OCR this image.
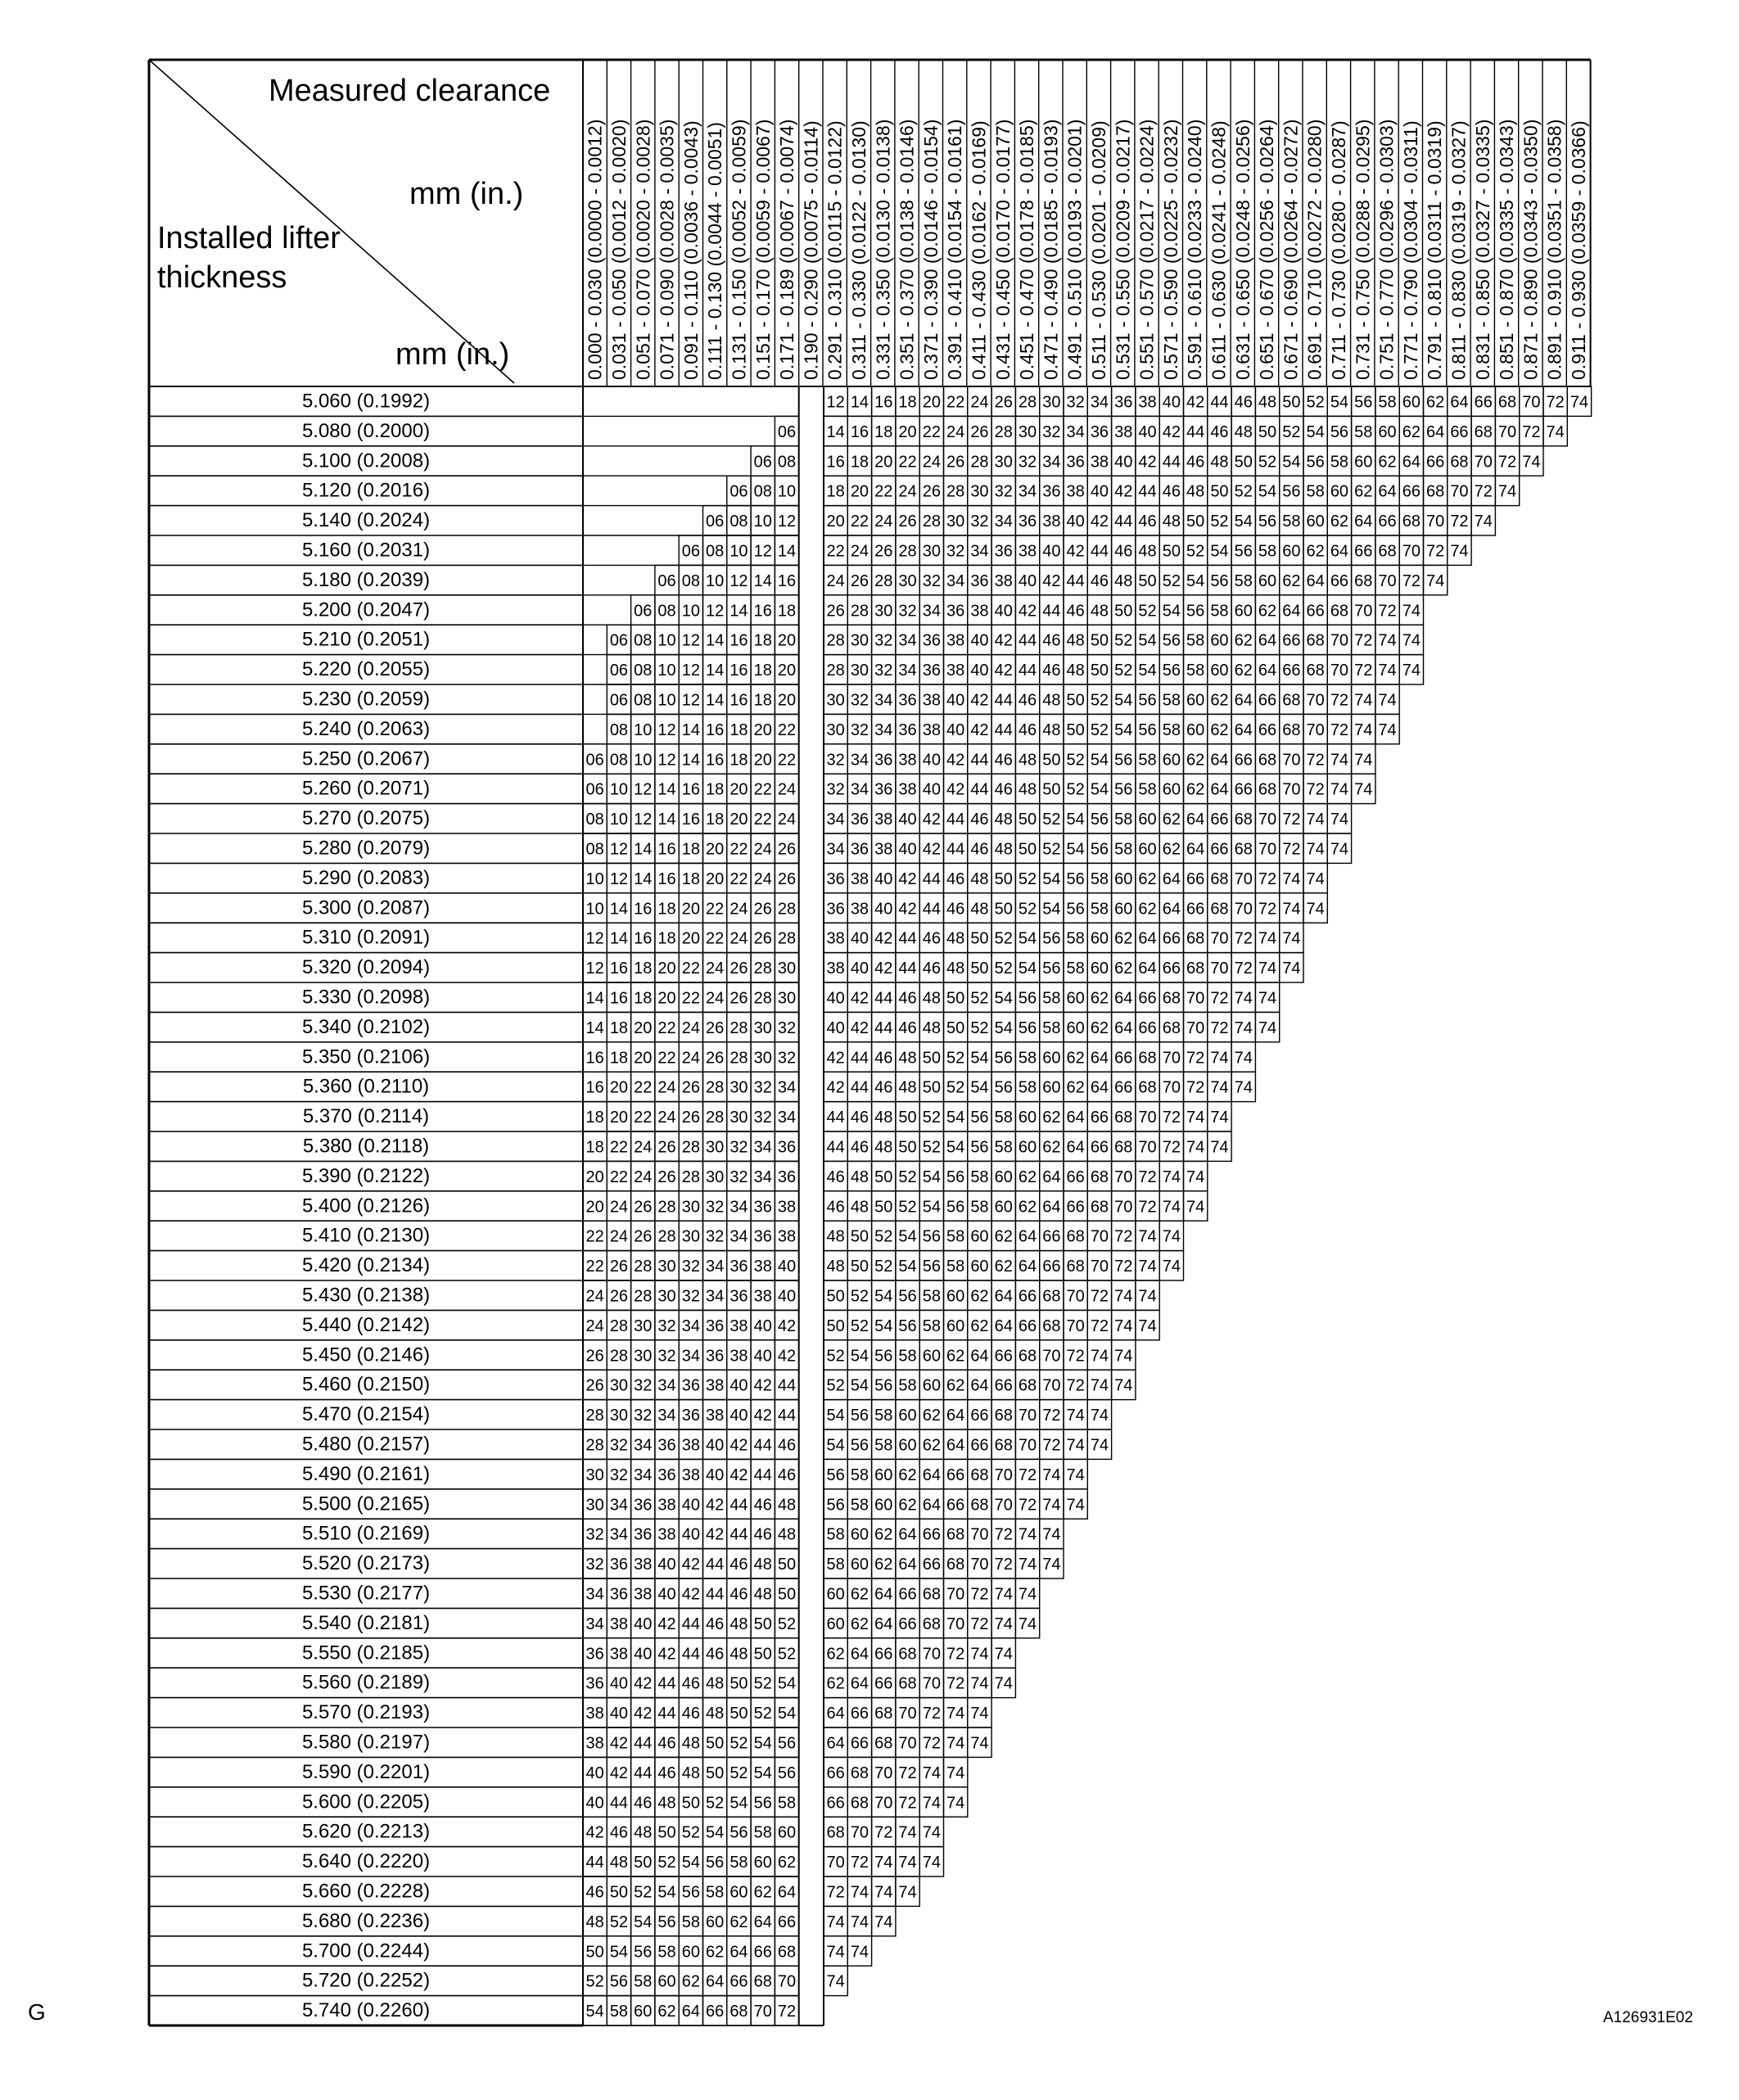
0.000 - 0.030 (0.0000 - 0.0012) 0.031 - 0.050 (0.0012 - 0.0020) 0.051 - 0.070 (0.0020 - 0.0028) 0.071 - 0.090 (0.0028 - 0.0035) 0.091 - 0.110 (0.0036 - 0.0043) 0.111 - 0.130 (0.0044 - 0.0051) 0.131 - 0.150 (0.0052 - 0.0059) 0.151 - 0.170 (0.0059 - 0.0067) 0.171 - 0.189 (0.0067 - 0.0074) 0.190 - 0.290 (0.0075 - 0.0114) 0.291 - 0.310 (0.0115 - 0.0122) 0.311 - 0.330 (0.0122 - 0.0130) 0.331 - 0.350 (0.0130 - 0.0138) 0.351 - 0.370 (0.0138 - 0.0146) 0.371 - 0.390 (0.0146 - 0.0154) 0.391 - 0.410 (0.0154 - 0.0161) 0.411 - 0.430 (0.0162 - 0.0169) 0.431 - 0.450 (0.0170 - 0.0177) 0.451 - 0.470 (0.0178 - 0.0185) 0.471 - 0.490 (0.0185 - 0.0193) 0.491 - 0.510 (0.0193 - 0.0201) 0.511 - 0.530 (0.0201 - 0.0209) 0.531 - 0.550 (0.0209 - 0.0217) 0.551 - 0.570 (0.0217 - 0.0224) 0.571 - 0.590 (0.0225 - 0.0232) 0.591 - 0.610 (0.0233 - 0.0240) 0.611 - 0.630 (0.0241 - 0.0248) 0.631 - 0.650 (0.0248 - 0.0256) 0.651 - 0.670 (0.0256 - 0.0264) 0.671 - 0.690 (0.0264 - 0.0272) 0.691 - 0.710 (0.0272 - 0.0280) 0.711 - 0.730 (0.0280 - 0.0287) 0.731 - 0.750 (0.0288 - 0.0295) 0.751 - 0.770 (0.0296 - 0.0303) 0.771 - 0.790 (0.0304 - 0.0311) 0.791 - 0.810 (0.0311 - 0.0319) 0.811 - 0.830 (0.0319 - 0.0327) 0.831 - 0.850 (0.0327 - 0.0335) 0.851 - 0.870 (0.0335 - 0.0343) 0.871 - 0.890 (0.0343 - 0.0350) 0.891 - 0.910 (0.0351 - 0.0358) 0.911 - 0.930 (0.0359 - 0.0366)
5.060 (0.1992)
5.080 (0.2000)
5.100 (0.2008)
5.120 (0.2016)
5.140 (0.2024)
5.160 (0.2031)
5.180 (0.2039)
5.200 (0.2047)
5.210 (0.2051)
5.220 (0.2055)
5.230 (0.2059)
5.240 (0.2063)
5.250 (0.2067)
5.260 (0.2071)
5.270 (0.2075)
5.280 (0.2079)
5.290 (0.2083)
5.300 (0.2087)
5.310 (0.2091)
5.320 (0.2094)
5.330 (0.2098)
5.340 (0.2102)
5.350 (0.2106)
5.360 (0.2110)
5.370 (0.2114)
5.380 (0.2118)
5.390 (0.2122)
5.400 (0.2126)
5.410 (0.2130)
5.420 (0.2134)
5.430 (0.2138)
5.440 (0.2142)
5.450 (0.2146)
5.460 (0.2150)
5.470 (0.2154)
5.480 (0.2157)
5.490 (0.2161)
5.500 (0.2165)
5.510 (0.2169)
5.520 (0.2173)
5.530 (0.2177)
5.540 (0.2181)
5.550 (0.2185)
5.560 (0.2189)
5.570 (0.2193)
5.580 (0.2197)
5.590 (0.2201)
5.600 (0.2205)
5.620 (0.2213)
5.640 (0.2220)
5.660 (0.2228)
5.680 (0.2236)
5.700 (0.2244)
5.720 (0.2252)
5.740 (0.2260)
12 14 16 18 20 22 24 26 28 30 32 34 36 38 40 42 44 46 48 50 52 54 56 58 60 62 64 66 68 70 72 74
06 14 16 18 20 22 24 26 28 30 32 34 36 38 40 42 44 46 48 50 52 54 56 58 60 62 64 66 68 70 72 74
06 08 16 18 20 22 24 26 28 30 32 34 36 38 40 42 44 46 48 50 52 54 56 58 60 62 64 66 68 70 72 74
06 08 10 18 20 22 24 26 28 30 32 34 36 38 40 42 44 46 48 50 52 54 56 58 60 62 64 66 68 70 72 74
06 08 10 12 20 22 24 26 28 30 32 34 36 38 40 42 44 46 48 50 52 54 56 58 60 62 64 66 68 70 72 74
06 08 10 12 14 22 24 26 28 30 32 34 36 38 40 42 44 46 48 50 52 54 56 58 60 62 64 66 68 70 72 74
06 08 10 12 14 16 24 26 28 30 32 34 36 38 40 42 44 46 48 50 52 54 56 58 60 62 64 66 68 70 72 74
06 08 10 12 14 16 18 26 28 30 32 34 36 38 40 42 44 46 48 50 52 54 56 58 60 62 64 66 68 70 72 74
06 08 10 12 14 16 18 20 28 30 32 34 36 38 40 42 44 46 48 50 52 54 56 58 60 62 64 66 68 70 72 74 74
06 08 10 12 14 16 18 20 28 30 32 34 36 38 40 42 44 46 48 50 52 54 56 58 60 62 64 66 68 70 72 74 74
06 08 10 12 14 16 18 20 30 32 34 36 38 40 42 44 46 48 50 52 54 56 58 60 62 64 66 68 70 72 74 74
08 10 12 14 16 18 20 22 30 32 34 36 38 40 42 44 46 48 50 52 54 56 58 60 62 64 66 68 70 72 74 74
06 08 10 12 14 16 18 20 22 32 34 36 38 40 42 44 46 48 50 52 54 56 58 60 62 64 66 68 70 72 74 74
06 10 12 14 16 18 20 22 24 32 34 36 38 40 42 44 46 48 50 52 54 56 58 60 62 64 66 68 70 72 74 74
08 10 12 14 16 18 20 22 24 34 36 38 40 42 44 46 48 50 52 54 56 58 60 62 64 66 68 70 72 74 74
08 12 14 16 18 20 22 24 26 34 36 38 40 42 44 46 48 50 52 54 56 58 60 62 64 66 68 70 72 74 74
10 12 14 16 18 20 22 24 26 36 38 40 42 44 46 48 50 52 54 56 58 60 62 64 66 68 70 72 74 74
10 14 16 18 20 22 24 26 28 36 38 40 42 44 46 48 50 52 54 56 58 60 62 64 66 68 70 72 74 74
12 14 16 18 20 22 24 26 28 38 40 42 44 46 48 50 52 54 56 58 60 62 64 66 68 70 72 74 74
12 16 18 20 22 24 26 28 30 38 40 42 44 46 48 50 52 54 56 58 60 62 64 66 68 70 72 74 74
14 16 18 20 22 24 26 28 30 40 42 44 46 48 50 52 54 56 58 60 62 64 66 68 70 72 74 74
14 18 20 22 24 26 28 30 32 40 42 44 46 48 50 52 54 56 58 60 62 64 66 68 70 72 74 74
16 18 20 22 24 26 28 30 32 42 44 46 48 50 52 54 56 58 60 62 64 66 68 70 72 74 74
16 20 22 24 26 28 30 32 34 42 44 46 48 50 52 54 56 58 60 62 64 66 68 70 72 74 74
18 20 22 24 26 28 30 32 34 44 46 48 50 52 54 56 58 60 62 64 66 68 70 72 74 74
18 22 24 26 28 30 32 34 36 44 46 48 50 52 54 56 58 60 62 64 66 68 70 72 74 74
20 22 24 26 28 30 32 34 36 46 48 50 52 54 56 58 60 62 64 66 68 70 72 74 74
20 24 26 28 30 32 34 36 38 46 48 50 52 54 56 58 60 62 64 66 68 70 72 74 74
22 24 26 28 30 32 34 36 38 48 50 52 54 56 58 60 62 64 66 68 70 72 74 74
22 26 28 30 32 34 36 38 40 48 50 52 54 56 58 60 62 64 66 68 70 72 74 74
24 26 28 30 32 34 36 38 40 50 52 54 56 58 60 62 64 66 68 70 72 74 74
24 28 30 32 34 36 38 40 42 50 52 54 56 58 60 62 64 66 68 70 72 74 74
26 28 30 32 34 36 38 40 42 52 54 56 58 60 62 64 66 68 70 72 74 74
26 30 32 34 36 38 40 42 44 52 54 56 58 60 62 64 66 68 70 72 74 74
28 30 32 34 36 38 40 42 44 54 56 58 60 62 64 66 68 70 72 74 74
28 32 34 36 38 40 42 44 46 54 56 58 60 62 64 66 68 70 72 74 74
30 32 34 36 38 40 42 44 46 56 58 60 62 64 66 68 70 72 74 74
30 34 36 38 40 42 44 46 48 56 58 60 62 64 66 68 70 72 74 74
32 34 36 38 40 42 44 46 48 58 60 62 64 66 68 70 72 74 74
32 36 38 40 42 44 46 48 50 58 60 62 64 66 68 70 72 74 74
34 36 38 40 42 44 46 48 50 60 62 64 66 68 70 72 74 74
34 38 40 42 44 46 48 50 52 60 62 64 66 68 70 72 74 74
36 38 40 42 44 46 48 50 52 62 64 66 68 70 72 74 74
36 40 42 44 46 48 50 52 54 62 64 66 68 70 72 74 74
38 40 42 44 46 48 50 52 54 64 66 68 70 72 74 74
38 42 44 46 48 50 52 54 56 64 66 68 70 72 74 74
40 42 44 46 48 50 52 54 56 66 68 70 72 74 74
40 44 46 48 50 52 54 56 58 66 68 70 72 74 74
42 46 48 50 52 54 56 58 60 68 70 72 74 74
44 48 50 52 54 56 58 60 62 70 72 74 74 74
46 50 52 54 56 58 60 62 64 72 74 74 74
48 52 54 56 58 60 62 64 66 74 74 74
50 54 56 58 60 62 64 66 68 74 74
52 56 58 60 62 64 66 68 70 74
54 58 60 62 64 66 68 70 72
Measured clearance
mm (in.)
Installed lifter
thickness
mm (in.)
G	A126931E02
